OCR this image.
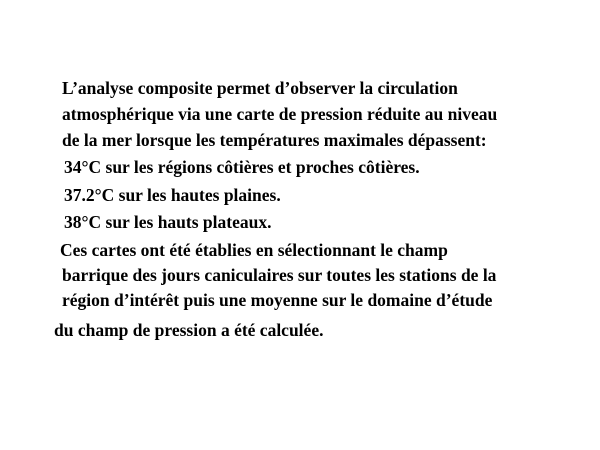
L’analyse composite permet d’observer la circulation
atmosphérique via une carte de pression réduite au niveau
de la mer lorsque les températures maximales dépassent:
34°C sur les régions côtières et proches côtières.
37.2°C sur les hautes plaines.
38°C sur les hauts plateaux.
Ces cartes ont été établies en sélectionnant le champ
barrique des jours caniculaires sur toutes les stations de la
région d’intérêt puis une moyenne sur le domaine d’étude
du champ de pression a été calculée.
